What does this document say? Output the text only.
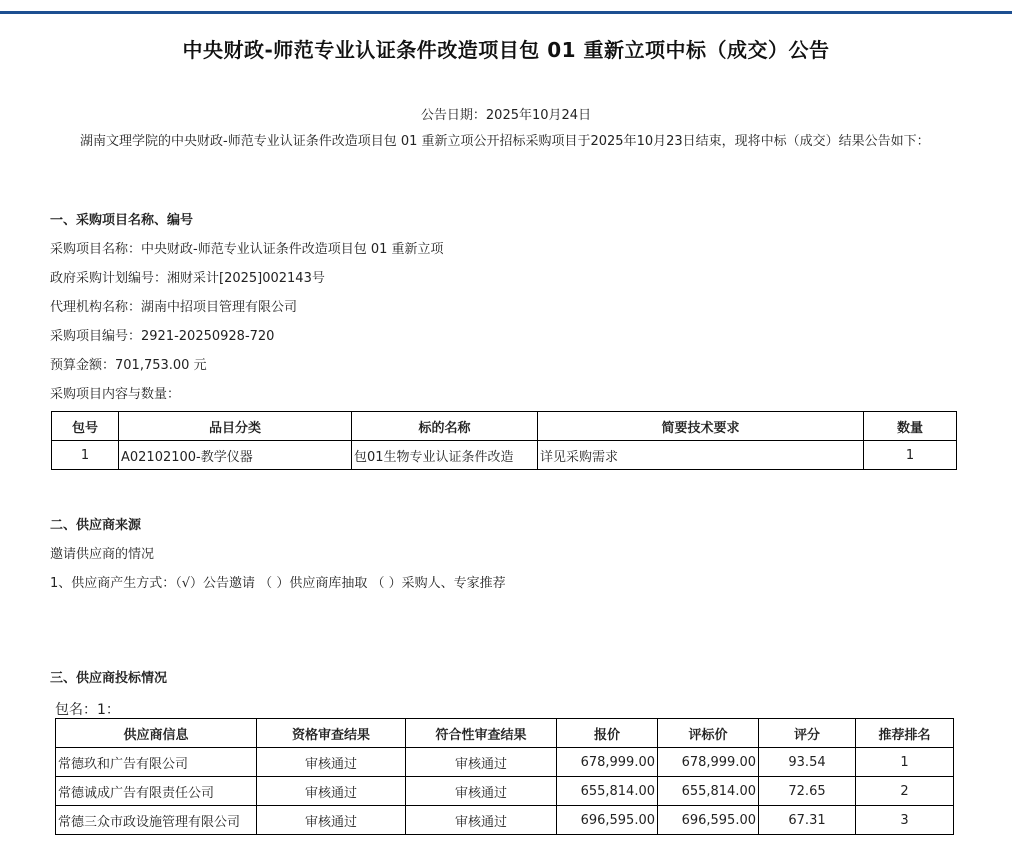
中央财政-师范专业认证条件改造项目包 01 重新立项中标（成交）公告
公告日期：2025年10月24日
湖南文理学院的中央财政-师范专业认证条件改造项目包 01 重新立项公开招标采购项目于2025年10月23日结束，现将中标（成交）结果公告如下：
一、采购项目名称、编号
采购项目名称：中央财政-师范专业认证条件改造项目包 01 重新立项
政府采购计划编号：湘财采计[2025]002143号
代理机构名称：湖南中招项目管理有限公司
采购项目编号：2921-20250928-720
预算金额：701,753.00 元
采购项目内容与数量：
包号	品目分类	标的名称	简要技术要求	数量
1	A02102100-教学仪器	包01生物专业认证条件改造	详见采购需求	1
二、供应商来源
邀请供应商的情况
1、供应商产生方式：（√）公告邀请 （ ）供应商库抽取 （ ）采购人、专家推荐
三、供应商投标情况
包名：1：
供应商信息	资格审查结果	符合性审查结果	报价	评标价	评分	推荐排名
常德玖和广告有限公司	审核通过	审核通过	678,999.00	678,999.00	93.54	1
常德诚成广告有限责任公司	审核通过	审核通过	655,814.00	655,814.00	72.65	2
常德三众市政设施管理有限公司	审核通过	审核通过	696,595.00	696,595.00	67.31	3
